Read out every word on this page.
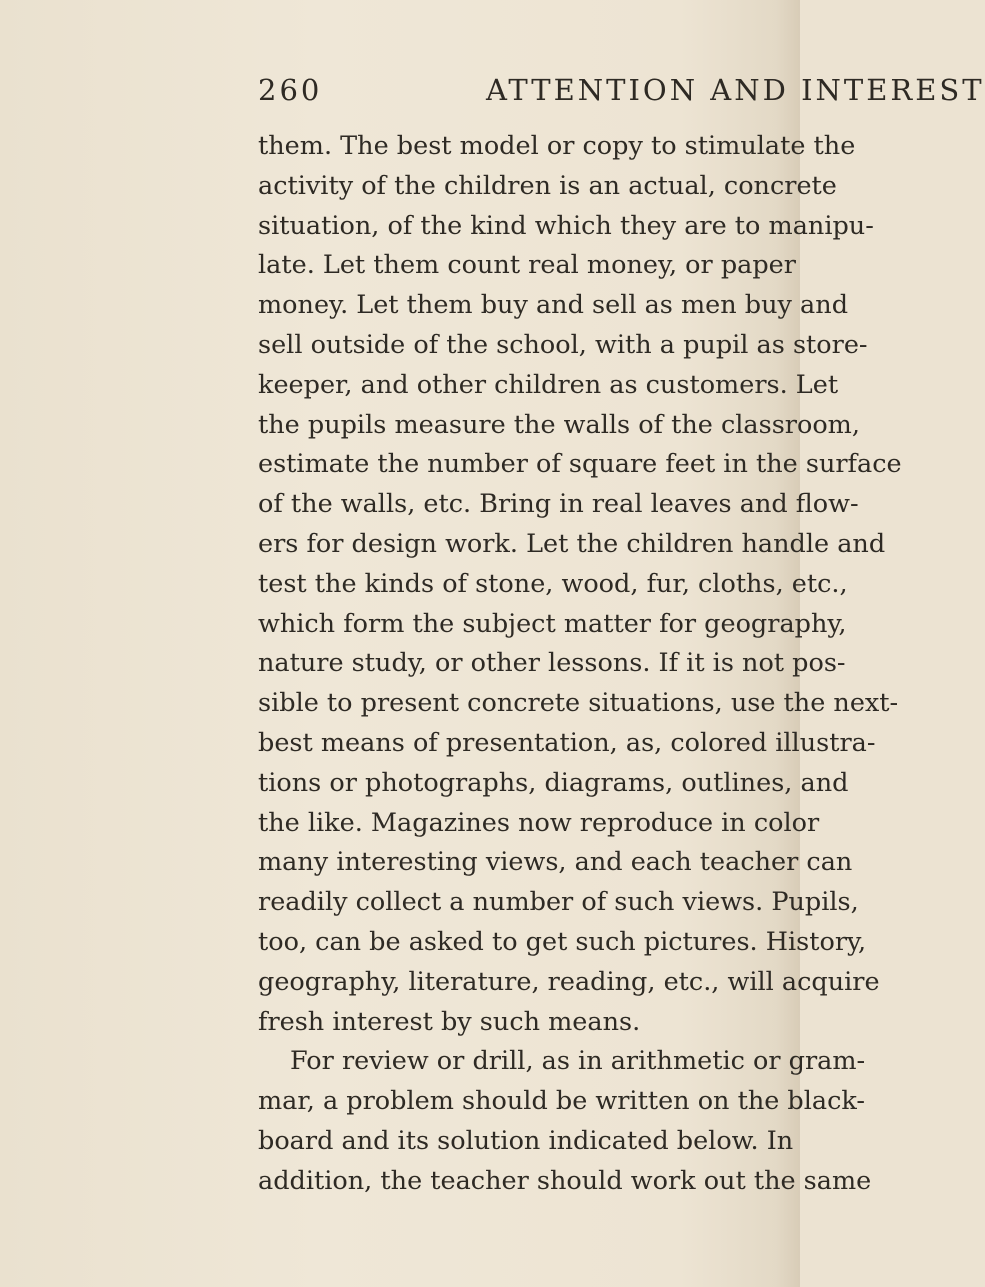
260	ATTENTION AND INTEREST
them. The best model or copy to stimulate the
activity of the children is an actual, concrete
situation, of the kind which they are to manipu-
late. Let them count real money, or paper
money. Let them buy and sell as men buy and
sell outside of the school, with a pupil as store-
keeper, and other children as customers. Let
the pupils measure the walls of the classroom,
estimate the number of square feet in the surface
of the walls, etc. Bring in real leaves and flow-
ers for design work. Let the children handle and
test the kinds of stone, wood, fur, cloths, etc.,
which form the subject matter for geography,
nature study, or other lessons. If it is not pos-
sible to present concrete situations, use the next-
best means of presentation, as, colored illustra-
tions or photographs, diagrams, outlines, and
the like. Magazines now reproduce in color
many interesting views, and each teacher can
readily collect a number of such views. Pupils,
too, can be asked to get such pictures. History,
geography, literature, reading, etc., will acquire
fresh interest by such means.
For review or drill, as in arithmetic or gram-
mar, a problem should be written on the black-
board and its solution indicated below. In
addition, the teacher should work out the same
